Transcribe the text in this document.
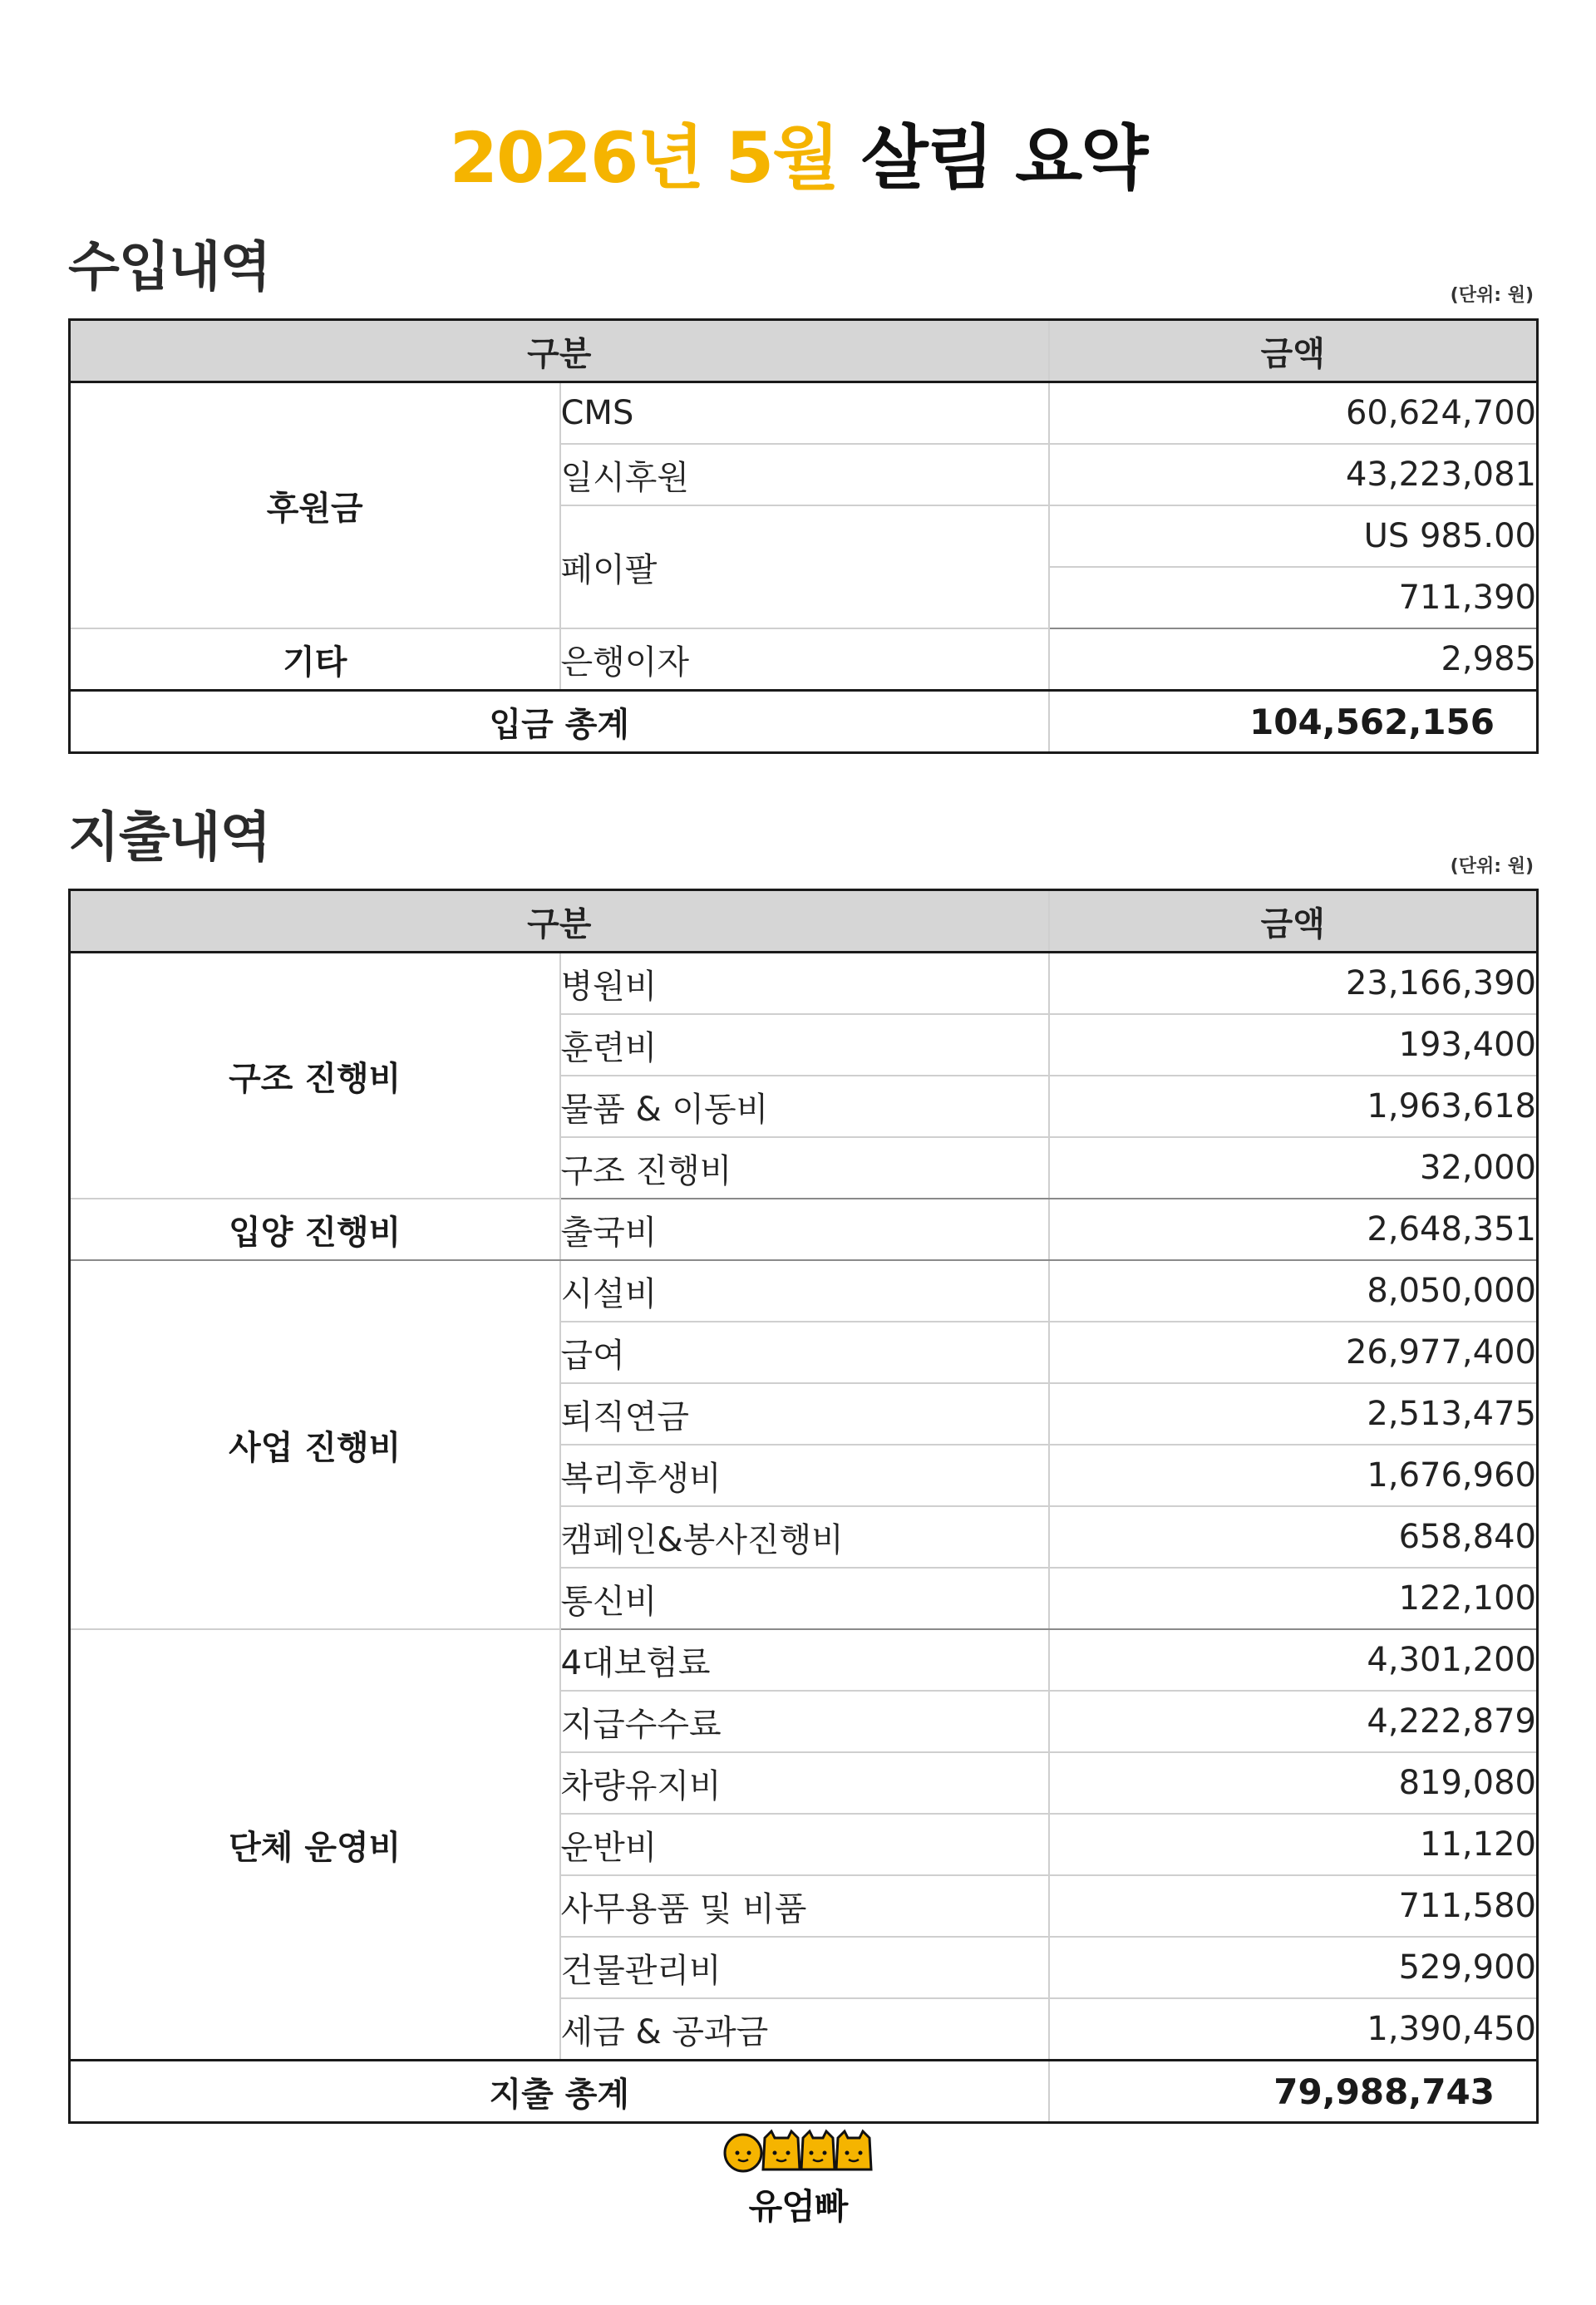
2026년 5월 살림 요약
수입내역	(단위: 원)
구분		금액
후원금	CMS	60,624,700
	일시후원	43,223,081
	페이팔	US 985.00
		711,390
기타	은행이자	2,985
입금 총계		104,562,156
지출내역	(단위: 원)
구분		금액
구조 진행비	병원비	23,166,390
	훈련비	193,400
	물품 & 이동비	1,963,618
	구조 진행비	32,000
입양 진행비	출국비	2,648,351
사업 진행비	시설비	8,050,000
	급여	26,977,400
	퇴직연금	2,513,475
	복리후생비	1,676,960
	캠페인&봉사진행비	658,840
	통신비	122,100
단체 운영비	4대보험료	4,301,200
	지급수수료	4,222,879
	차량유지비	819,080
	운반비	11,120
	사무용품 및 비품	711,580
	건물관리비	529,900
	세금 & 공과금	1,390,450
지출 총계		79,988,743
유엄빠
